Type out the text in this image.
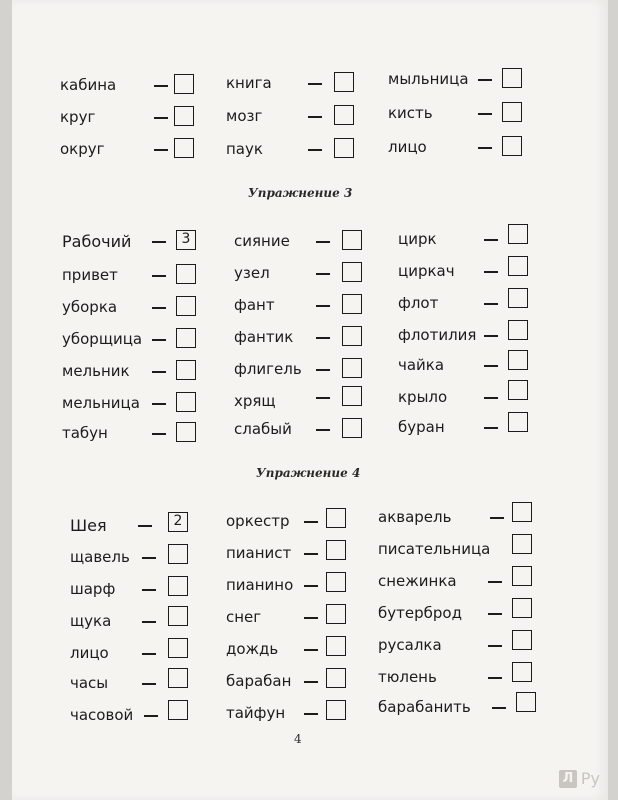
кабина
круг
округ
книга
мозг
паук
мыльница
кисть
лицо
Упражнение 3
Рабочий	3
привет
уборка
уборщица
мельник
мельница
табун
сияние
узел
фант
фантик
флигель
хрящ
слабый
цирк
циркач
флот
флотилия
чайка
крыло
буран
Упражнение 4
Шея	2
щавель
шарф
щука
лицо
часы
часовой
оркестр
пианист
пианино
снег
дождь
барабан
тайфун
акварель
писательница
снежинка
бутерброд
русалка
тюлень
барабанить
4
Л Ру
